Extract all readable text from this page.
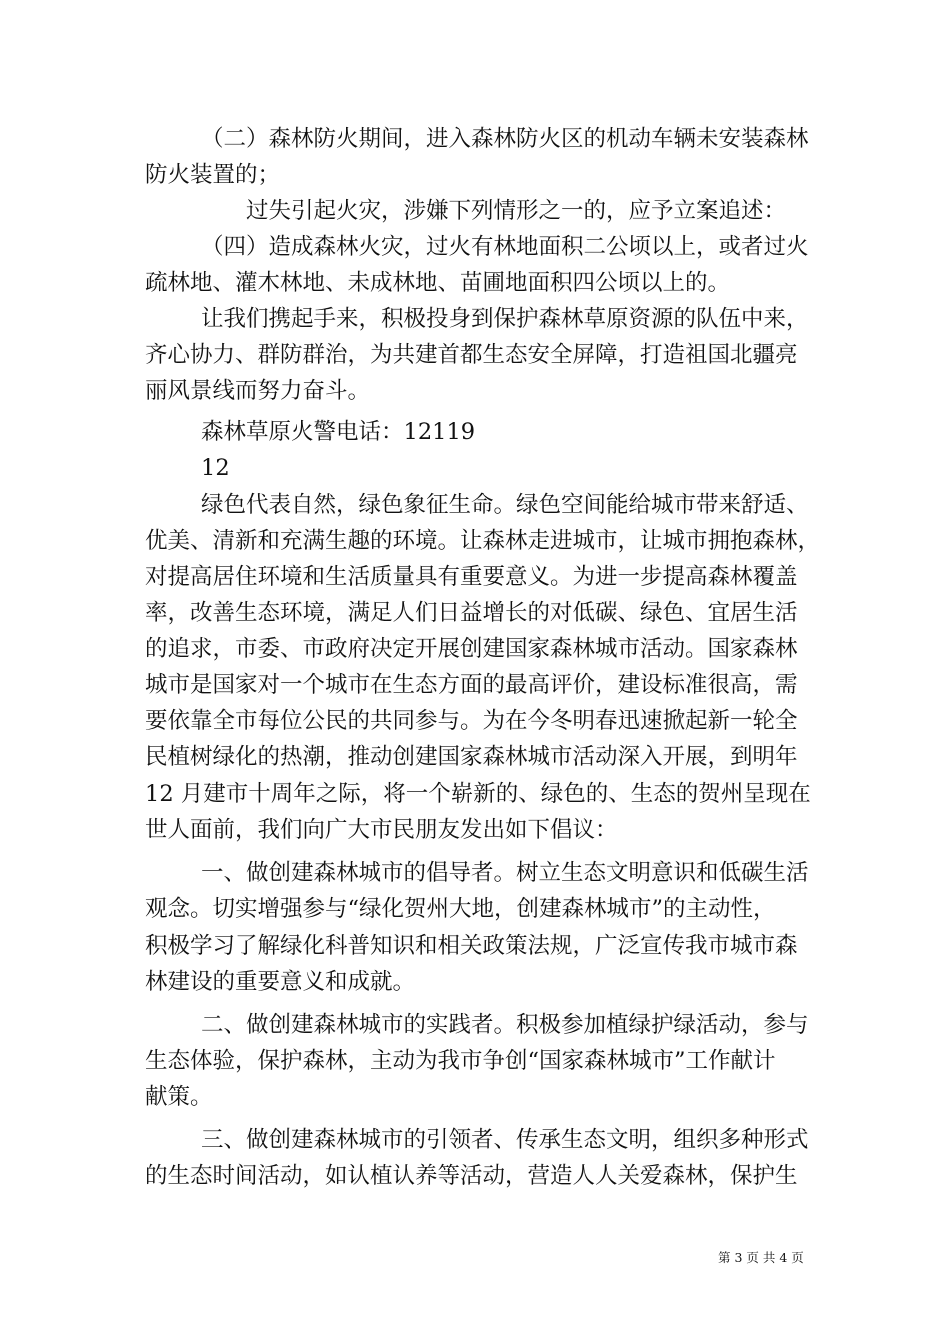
（二）森林防火期间，进入森林防火区的机动车辆未安装森林
防火装置的；
过失引起火灾，涉嫌下列情形之一的，应予立案追述：
（四）造成森林火灾，过火有林地面积二公顷以上，或者过火
疏林地、灌木林地、未成林地、苗圃地面积四公顷以上的。
让我们携起手来，积极投身到保护森林草原资源的队伍中来，
齐心协力、群防群治，为共建首都生态安全屏障，打造祖国北疆亮
丽风景线而努力奋斗。
森林草原火警电话：12119
12
绿色代表自然，绿色象征生命。绿色空间能给城市带来舒适、
优美、清新和充满生趣的环境。让森林走进城市，让城市拥抱森林，
对提高居住环境和生活质量具有重要意义。为进一步提高森林覆盖
率，改善生态环境，满足人们日益增长的对低碳、绿色、宜居生活
的追求，市委、市政府决定开展创建国家森林城市活动。国家森林
城市是国家对一个城市在生态方面的最高评价，建设标准很高，需
要依靠全市每位公民的共同参与。为在今冬明春迅速掀起新一轮全
民植树绿化的热潮，推动创建国家森林城市活动深入开展，到明年
12 月建市十周年之际，将一个崭新的、绿色的、生态的贺州呈现在
世人面前，我们向广大市民朋友发出如下倡议：
一、做创建森林城市的倡导者。树立生态文明意识和低碳生活
观念。切实增强参与“绿化贺州大地，创建森林城市”的主动性，
积极学习了解绿化科普知识和相关政策法规，广泛宣传我市城市森
林建设的重要意义和成就。
二、做创建森林城市的实践者。积极参加植绿护绿活动，参与
生态体验，保护森林，主动为我市争创“国家森林城市”工作献计
献策。
三、做创建森林城市的引领者、传承生态文明，组织多种形式
的生态时间活动，如认植认养等活动，营造人人关爱森林，保护生
第 3 页 共 4 页
